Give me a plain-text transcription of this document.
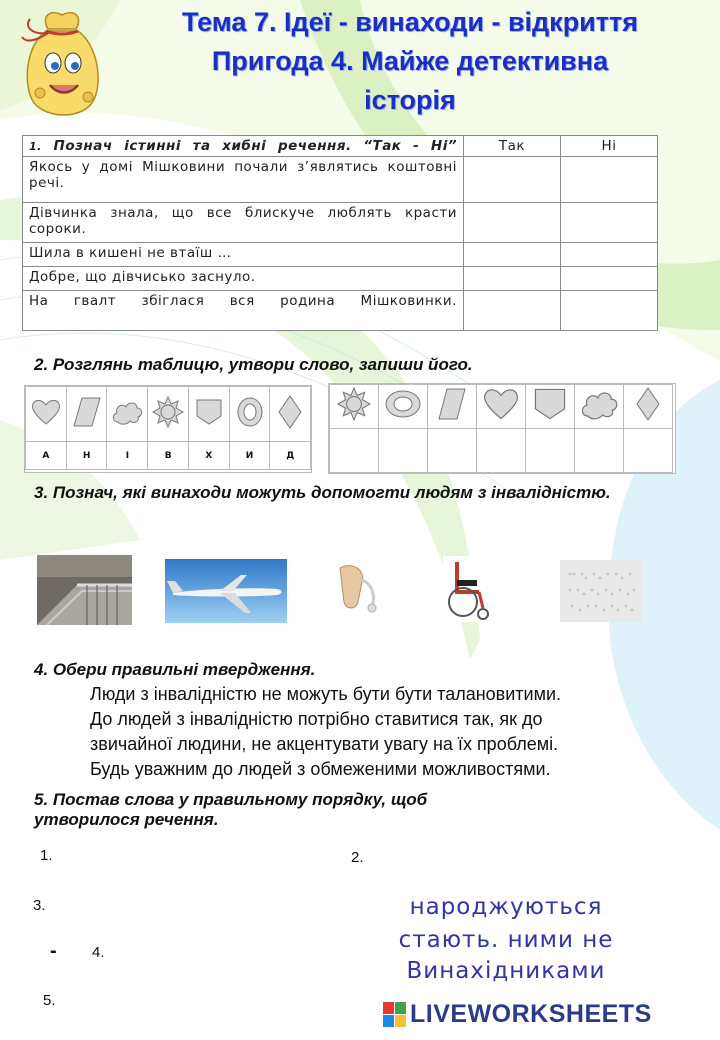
Тема 7. Ідеї - винаходи - відкриття
Пригода 4. Майже детективна
історія
1. Познач істинні та хибні речення. “Так - Ні”	Так	Ні
Якось у домі Мішковини почали з’являтись коштовні речі.		
Дівчинка знала, що все блискуче люблять красти сороки.		
Шила в кишені не втаїш …		
Добре, що дівчисько заснуло.		
На гвалт збіглася вся родина Мішковинки.		
2. Розглянь таблицю, утвори слово, запиши його.

А	Н	І	В	Х	И	Д

3. Познач, які винаходи можуть допомогти людям з інвалідністю.
4. Обери правильні твердження.
Люди з інвалідністю не можуть бути бути талановитими.
До людей з інвалідністю потрібно ставитися так, як до
звичайної людини, не акцентувати увагу на їх проблемі.
Будь уважним до людей з обмеженими можливостями.
5. Постав слова у правильному порядку, щоб
утворилося речення.
1.	2.
3.
- 4.
5.
народжуються
стають. ними не
Винахідниками
LIVEWORKSHEETS
